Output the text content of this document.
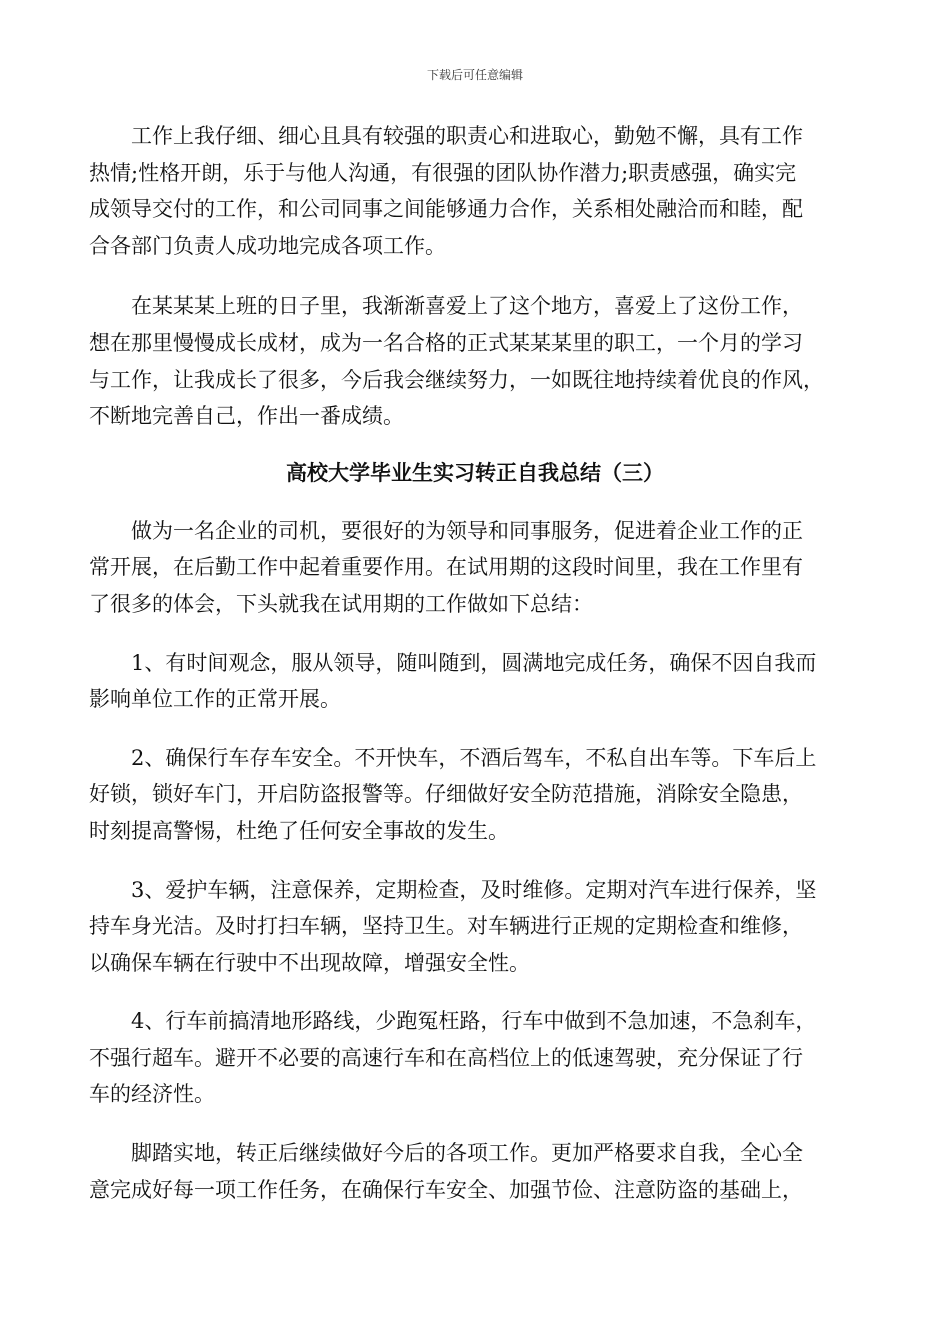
下载后可任意编辑
工作上我仔细、细心且具有较强的职责心和进取心，勤勉不懈，具有工作
热情;性格开朗，乐于与他人沟通，有很强的团队协作潜力;职责感强，确实完
成领导交付的工作，和公司同事之间能够通力合作，关系相处融洽而和睦，配
合各部门负责人成功地完成各项工作。
在某某某上班的日子里，我渐渐喜爱上了这个地方，喜爱上了这份工作，
想在那里慢慢成长成材，成为一名合格的正式某某某里的职工，一个月的学习
与工作，让我成长了很多，今后我会继续努力，一如既往地持续着优良的作风，
不断地完善自己，作出一番成绩。
高校大学毕业生实习转正自我总结（三）
做为一名企业的司机，要很好的为领导和同事服务，促进着企业工作的正
常开展，在后勤工作中起着重要作用。在试用期的这段时间里，我在工作里有
了很多的体会，下头就我在试用期的工作做如下总结：
1、有时间观念，服从领导，随叫随到，圆满地完成任务，确保不因自我而
影响单位工作的正常开展。
2、确保行车存车安全。不开快车，不酒后驾车，不私自出车等。下车后上
好锁，锁好车门，开启防盗报警等。仔细做好安全防范措施，消除安全隐患，
时刻提高警惕，杜绝了任何安全事故的发生。
3、爱护车辆，注意保养，定期检查，及时维修。定期对汽车进行保养，坚
持车身光洁。及时打扫车辆，坚持卫生。对车辆进行正规的定期检查和维修，
以确保车辆在行驶中不出现故障，增强安全性。
4、行车前搞清地形路线，少跑冤枉路，行车中做到不急加速，不急刹车，
不强行超车。避开不必要的高速行车和在高档位上的低速驾驶，充分保证了行
车的经济性。
脚踏实地，转正后继续做好今后的各项工作。更加严格要求自我，全心全
意完成好每一项工作任务，在确保行车安全、加强节俭、注意防盗的基础上，
